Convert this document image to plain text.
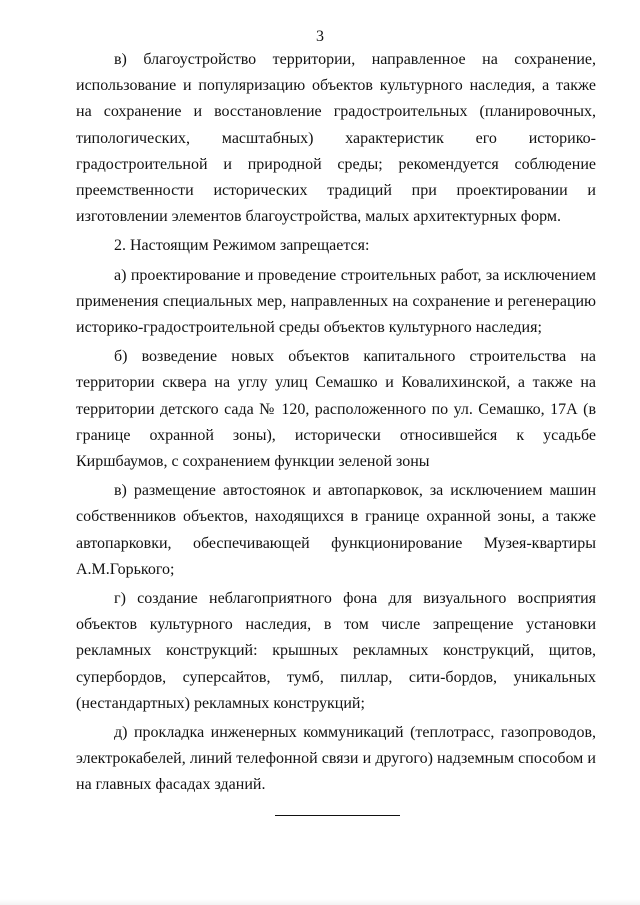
3

в) благоустройство территории, направленное на сохранение, использование и популяризацию объектов культурного наследия, а также на сохранение и восстановление градостроительных (планировочных, типологических, масштабных) характеристик его историко-градостроительной и природной среды; рекомендуется соблюдение преемственности исторических традиций при проектировании и изготовлении элементов благоустройства, малых архитектурных форм.

2. Настоящим Режимом запрещается:

а) проектирование и проведение строительных работ, за исключением применения специальных мер, направленных на сохранение и регенерацию историко-градостроительной среды объектов культурного наследия;

б) возведение новых объектов капитального строительства на территории сквера на углу улиц Семашко и Ковалихинской, а также на территории детского сада № 120, расположенного по ул. Семашко, 17А (в границе охранной зоны), исторически относившейся к усадьбе Киршбаумов, с сохранением функции зеленой зоны

в) размещение автостоянок и автопарковок, за исключением машин собственников объектов, находящихся в границе охранной зоны, а также автопарковки, обеспечивающей функционирование Музея-квартиры А.М.Горького;

г) создание неблагоприятного фона для визуального восприятия объектов культурного наследия, в том числе запрещение установки рекламных конструкций: крышных рекламных конструкций, щитов, супербордов, суперсайтов, тумб, пиллар, сити-бордов, уникальных (нестандартных) рекламных конструкций;

д) прокладка инженерных коммуникаций (теплотрасс, газопроводов, электрокабелей, линий телефонной связи и другого) надземным способом и на главных фасадах зданий.
